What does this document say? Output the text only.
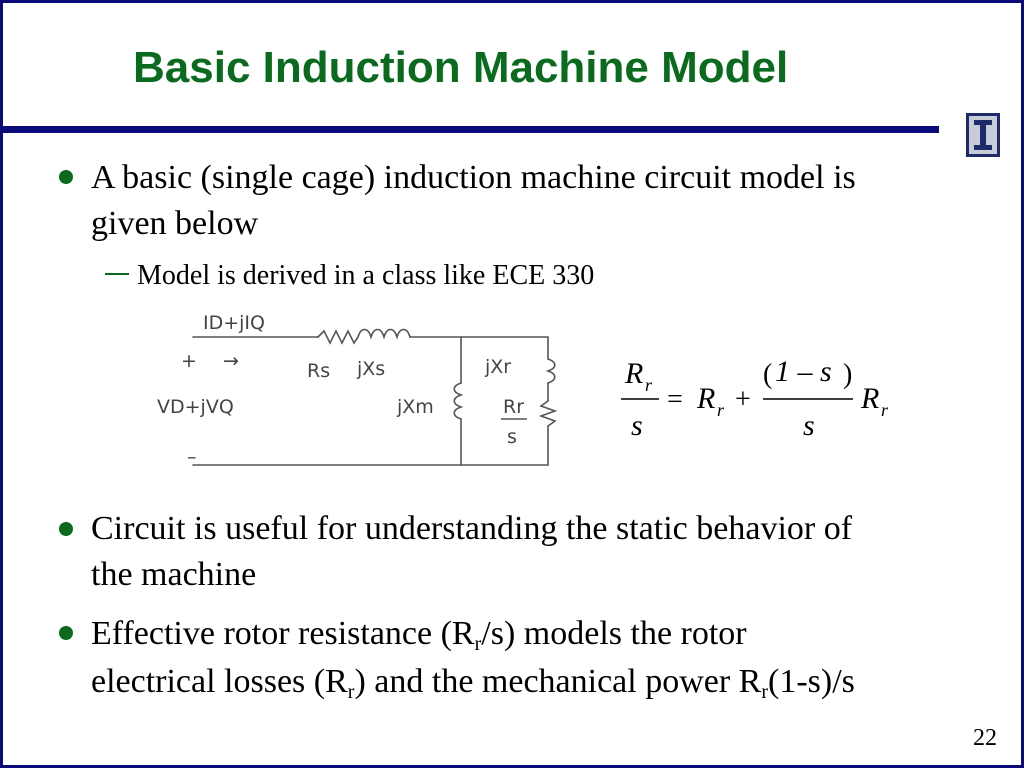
Basic Induction Machine Model
A basic (single cage) induction machine circuit model is
given below
Model is derived in a class like ECE 330
ID+jIQ
+ →
VD+jVQ
–
Rs jXs
jXm
jXr
Rr
s
R r
s
= R r +
( 1 – s )
s
R r
Circuit is useful for understanding the static behavior of
the machine
Effective rotor resistance $(R_r/s)$ models the rotor
electrical losses $(R_r)$ and the mechanical power $R_r(1-s)/s$
22
